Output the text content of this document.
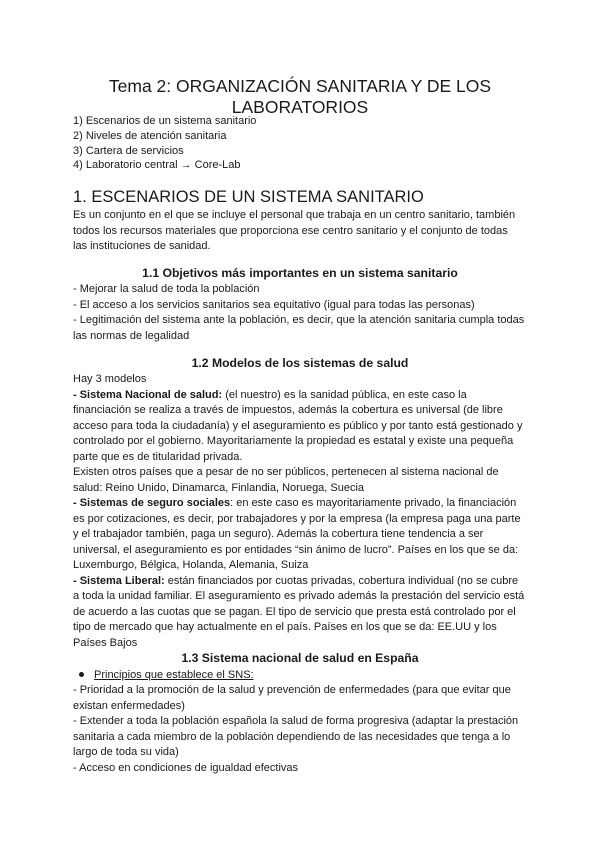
Tema 2: ORGANIZACIÓN SANITARIA Y DE LOS
LABORATORIOS
1) Escenarios de un sistema sanitario
2) Niveles de atención sanitaria
3) Cartera de servicios
4) Laboratorio central → Core-Lab
1. ESCENARIOS DE UN SISTEMA SANITARIO
Es un conjunto en el que se incluye el personal que trabaja en un centro sanitario, también
todos los recursos materiales que proporciona ese centro sanitario y el conjunto de todas
las instituciones de sanidad.
1.1 Objetivos más importantes en un sistema sanitario
- Mejorar la salud de toda la población
- El acceso a los servicios sanitarios sea equitativo (igual para todas las personas)
- Legitimación del sistema ante la población, es decir, que la atención sanitaria cumpla todas
las normas de legalidad
1.2 Modelos de los sistemas de salud
Hay 3 modelos
- Sistema Nacional de salud: (el nuestro) es la sanidad pública, en este caso la
financiación se realiza a través de impuestos, además la cobertura es universal (de libre
acceso para toda la ciudadanía) y el aseguramiento es público y por tanto está gestionado y
controlado por el gobierno. Mayoritariamente la propiedad es estatal y existe una pequeña
parte que es de titularidad privada.
Existen otros países que a pesar de no ser públicos, pertenecen al sistema nacional de
salud: Reino Unido, Dinamarca, Finlandia, Noruega, Suecia
- Sistemas de seguro sociales: en este caso es mayoritariamente privado, la financiación
es por cotizaciones, es decir, por trabajadores y por la empresa (la empresa paga una parte
y el trabajador también, paga un seguro). Además la cobertura tiene tendencia a ser
universal, el aseguramiento es por entidades “sin ánimo de lucro”. Países en los que se da:
Luxemburgo, Bélgica, Holanda, Alemania, Suiza
- Sistema Liberal: están financiados por cuotas privadas, cobertura individual (no se cubre
a toda la unidad familiar. El aseguramiento es privado además la prestación del servicio está
de acuerdo a las cuotas que se pagan. El tipo de servicio que presta está controlado por el
tipo de mercado que hay actualmente en el país. Países en los que se da: EE.UU y los
Países Bajos
1.3 Sistema nacional de salud en España
Principios que establece el SNS:
- Prioridad a la promoción de la salud y prevención de enfermedades (para que evitar que
existan enfermedades)
- Extender a toda la población española la salud de forma progresiva (adaptar la prestación
sanitaria a cada miembro de la población dependiendo de las necesidades que tenga a lo
largo de toda su vida)
- Acceso en condiciones de igualdad efectivas
